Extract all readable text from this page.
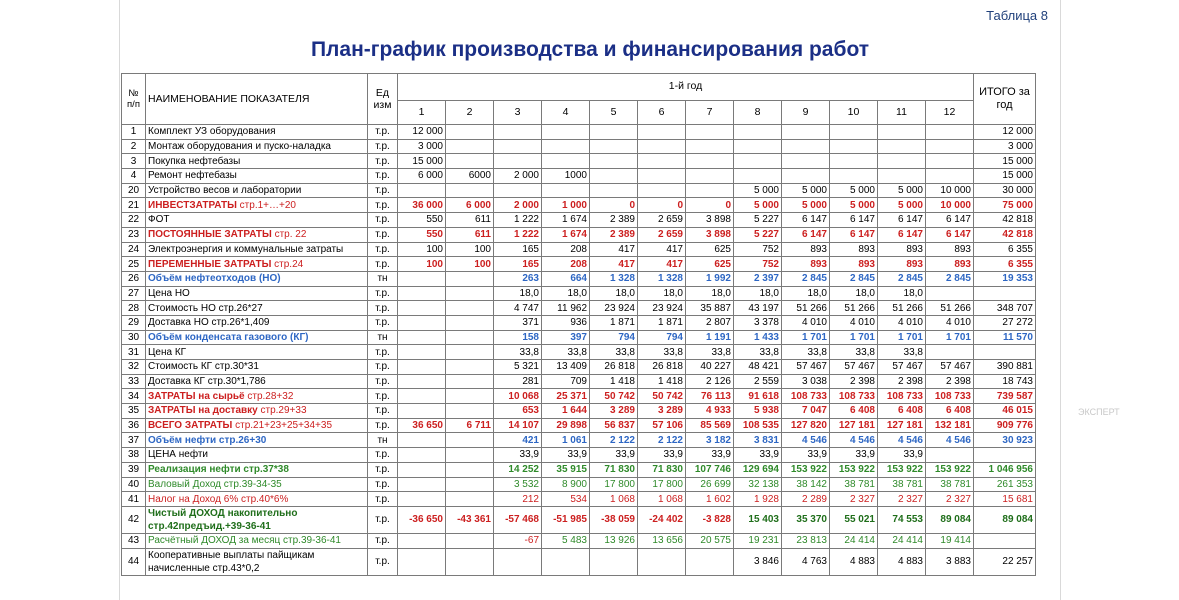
Таблица 8
План-график производства и финансирования работ
№ п/п	НАИМЕНОВАНИЕ ПОКАЗАТЕЛЯ	Ед изм	1-й год												ИТОГО за год
			1	2	3	4	5	6	7	8	9	10	11	12	
1	Комплект УЗ оборудования	т.р.	12 000												12 000
2	Монтаж оборудования и пуско-наладка	т.р.	3 000												3 000
3	Покупка нефтебазы	т.р.	15 000												15 000
4	Ремонт нефтебазы	т.р.	6 000	6000	2 000	1000									15 000
20	Устройство весов и лаборатории	т.р.								5 000	5 000	5 000	5 000	10 000	30 000
21	ИНВЕСТЗАТРАТЫ стр.1+…+20	т.р.	36 000	6 000	2 000	1 000	0	0	0	5 000	5 000	5 000	5 000	10 000	75 000
22	ФОТ	т.р.	550	611	1 222	1 674	2 389	2 659	3 898	5 227	6 147	6 147	6 147	6 147	42 818
23	ПОСТОЯННЫЕ ЗАТРАТЫ стр. 22	т.р.	550	611	1 222	1 674	2 389	2 659	3 898	5 227	6 147	6 147	6 147	6 147	42 818
24	Электроэнергия и коммунальные затраты	т.р.	100	100	165	208	417	417	625	752	893	893	893	893	6 355
25	ПЕРЕМЕННЫЕ ЗАТРАТЫ стр.24	т.р.	100	100	165	208	417	417	625	752	893	893	893	893	6 355
26	Объём нефтеотходов (НО)	тн			263	664	1 328	1 328	1 992	2 397	2 845	2 845	2 845	2 845	19 353
27	Цена НО	т.р.			18,0	18,0	18,0	18,0	18,0	18,0	18,0	18,0	18,0		
28	Стоимость НО стр.26*27	т.р.			4 747	11 962	23 924	23 924	35 887	43 197	51 266	51 266	51 266	51 266	348 707
29	Доставка НО стр.26*1,409	т.р.			371	936	1 871	1 871	2 807	3 378	4 010	4 010	4 010	4 010	27 272
30	Объём конденсата газового (КГ)	тн			158	397	794	794	1 191	1 433	1 701	1 701	1 701	1 701	11 570
31	Цена КГ	т.р.			33,8	33,8	33,8	33,8	33,8	33,8	33,8	33,8	33,8		
32	Стоимость КГ стр.30*31	т.р.			5 321	13 409	26 818	26 818	40 227	48 421	57 467	57 467	57 467	57 467	390 881
33	Доставка КГ стр.30*1,786	т.р.			281	709	1 418	1 418	2 126	2 559	3 038	2 398	2 398	2 398	18 743
34	ЗАТРАТЫ на сырьё стр.28+32	т.р.			10 068	25 371	50 742	50 742	76 113	91 618	108 733	108 733	108 733	108 733	739 587
35	ЗАТРАТЫ на доставку стр.29+33	т.р.			653	1 644	3 289	3 289	4 933	5 938	7 047	6 408	6 408	6 408	46 015
36	ВСЕГО ЗАТРАТЫ стр.21+23+25+34+35	т.р.	36 650	6 711	14 107	29 898	56 837	57 106	85 569	108 535	127 820	127 181	127 181	132 181	909 776
37	Объём нефти стр.26+30	тн			421	1 061	2 122	2 122	3 182	3 831	4 546	4 546	4 546	4 546	30 923
38	ЦЕНА нефти	т.р.			33,9	33,9	33,9	33,9	33,9	33,9	33,9	33,9	33,9		
39	Реализация нефти стр.37*38	т.р.			14 252	35 915	71 830	71 830	107 746	129 694	153 922	153 922	153 922	153 922	1 046 956
40	Валовый Доход стр.39-34-35	т.р.			3 532	8 900	17 800	17 800	26 699	32 138	38 142	38 781	38 781	38 781	261 353
41	Налог на Доход 6% стр.40*6%	т.р.			212	534	1 068	1 068	1 602	1 928	2 289	2 327	2 327	2 327	15 681
42	Чистый ДОХОД накопительно стр.42предъид.+39-36-41	т.р.	-36 650	-43 361	-57 468	-51 985	-38 059	-24 402	-3 828	15 403	35 370	55 021	74 553	89 084	89 084
43	Расчётный ДОХОД за месяц стр.39-36-41	т.р.			-67	5 483	13 926	13 656	20 575	19 231	23 813	24 414	24 414	19 414	
44	Кооперативные выплаты пайщикам начисленные стр.43*0,2	т.р.								3 846	4 763	4 883	4 883	3 883	22 257
ЭКСПЕРТ
